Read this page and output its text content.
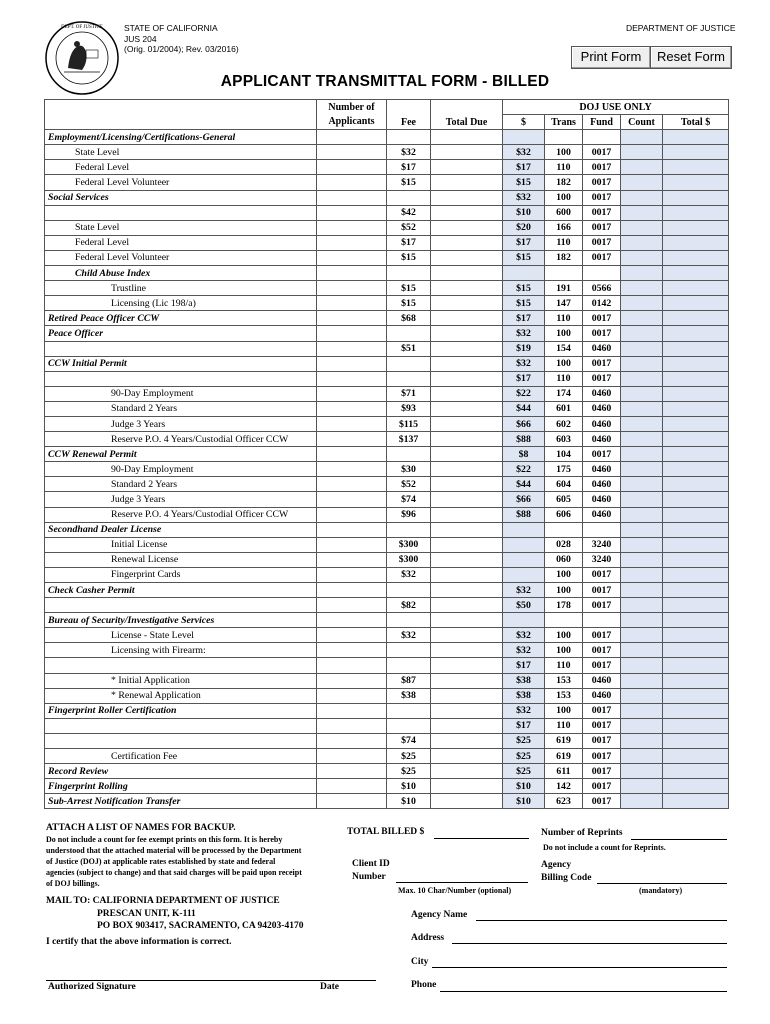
DEPT. OF JUSTICE STATE OF CALIFORNIA
JUS 204
(Orig. 01/2004); Rev. 03/2016)
DEPARTMENT OF JUSTICE
Print Form	Reset Form
APPLICANT TRANSMITTAL FORM - BILLED
	Number of Applicants	Fee	Total Due	DOJ USE ONLY				
				$	Trans	Fund	Count	Total $
Employment/Licensing/Certifications-General								
State Level		$32		$32	100	0017		
Federal Level		$17		$17	110	0017		
Federal Level Volunteer		$15		$15	182	0017		
Social Services				$32	100	0017		
		$42		$10	600	0017		
State Level		$52		$20	166	0017		
Federal Level		$17		$17	110	0017		
Federal Level Volunteer		$15		$15	182	0017		
Child Abuse Index								
Trustline		$15		$15	191	0566		
Licensing (Lic 198/a)		$15		$15	147	0142		
Retired Peace Officer CCW		$68		$17	110	0017		
Peace Officer				$32	100	0017		
		$51		$19	154	0460		
CCW Initial Permit				$32	100	0017		
				$17	110	0017		
90-Day Employment		$71		$22	174	0460		
Standard 2 Years		$93		$44	601	0460		
Judge 3 Years		$115		$66	602	0460		
Reserve P.O. 4 Years/Custodial Officer CCW		$137		$88	603	0460		
CCW Renewal Permit				$8	104	0017		
90-Day Employment		$30		$22	175	0460		
Standard 2 Years		$52		$44	604	0460		
Judge 3 Years		$74		$66	605	0460		
Reserve P.O. 4 Years/Custodial Officer CCW		$96		$88	606	0460		
Secondhand Dealer License								
Initial License		$300			028	3240		
Renewal License		$300			060	3240		
Fingerprint Cards		$32			100	0017		
Check Casher Permit				$32	100	0017		
		$82		$50	178	0017		
Bureau of Security/Investigative Services								
License - State Level		$32		$32	100	0017		
Licensing with Firearm:				$32	100	0017		
				$17	110	0017		
* Initial Application		$87		$38	153	0460		
* Renewal Application		$38		$38	153	0460		
Fingerprint Roller Certification				$32	100	0017		
				$17	110	0017		
		$74		$25	619	0017		
Certification Fee		$25		$25	619	0017		
Record Review		$25		$25	611	0017		
Fingerprint Rolling		$10		$10	142	0017		
Sub-Arrest Notification Transfer		$10		$10	623	0017		
ATTACH A LIST OF NAMES FOR BACKUP.
Do not include a count for fee exempt prints on this form. It is hereby
understood that the attached material will be processed by the Department
of Justice (DOJ) at applicable rates established by state and federal
agencies (subject to change) and that said charges will be paid upon receipt
of DOJ billings.
TOTAL BILLED $	Number of Reprints
Do not include a count for Reprints.
Client ID
Number
Max. 10 Char/Number (optional)
Agency
Billing Code
(mandatory)
MAIL TO: CALIFORNIA DEPARTMENT OF JUSTICE
PRESCAN UNIT, K-111
PO BOX 903417, SACRAMENTO, CA 94203-4170
Agency Name
Address
I certify that the above information is correct.
City
Authorized Signature	Date	Phone
